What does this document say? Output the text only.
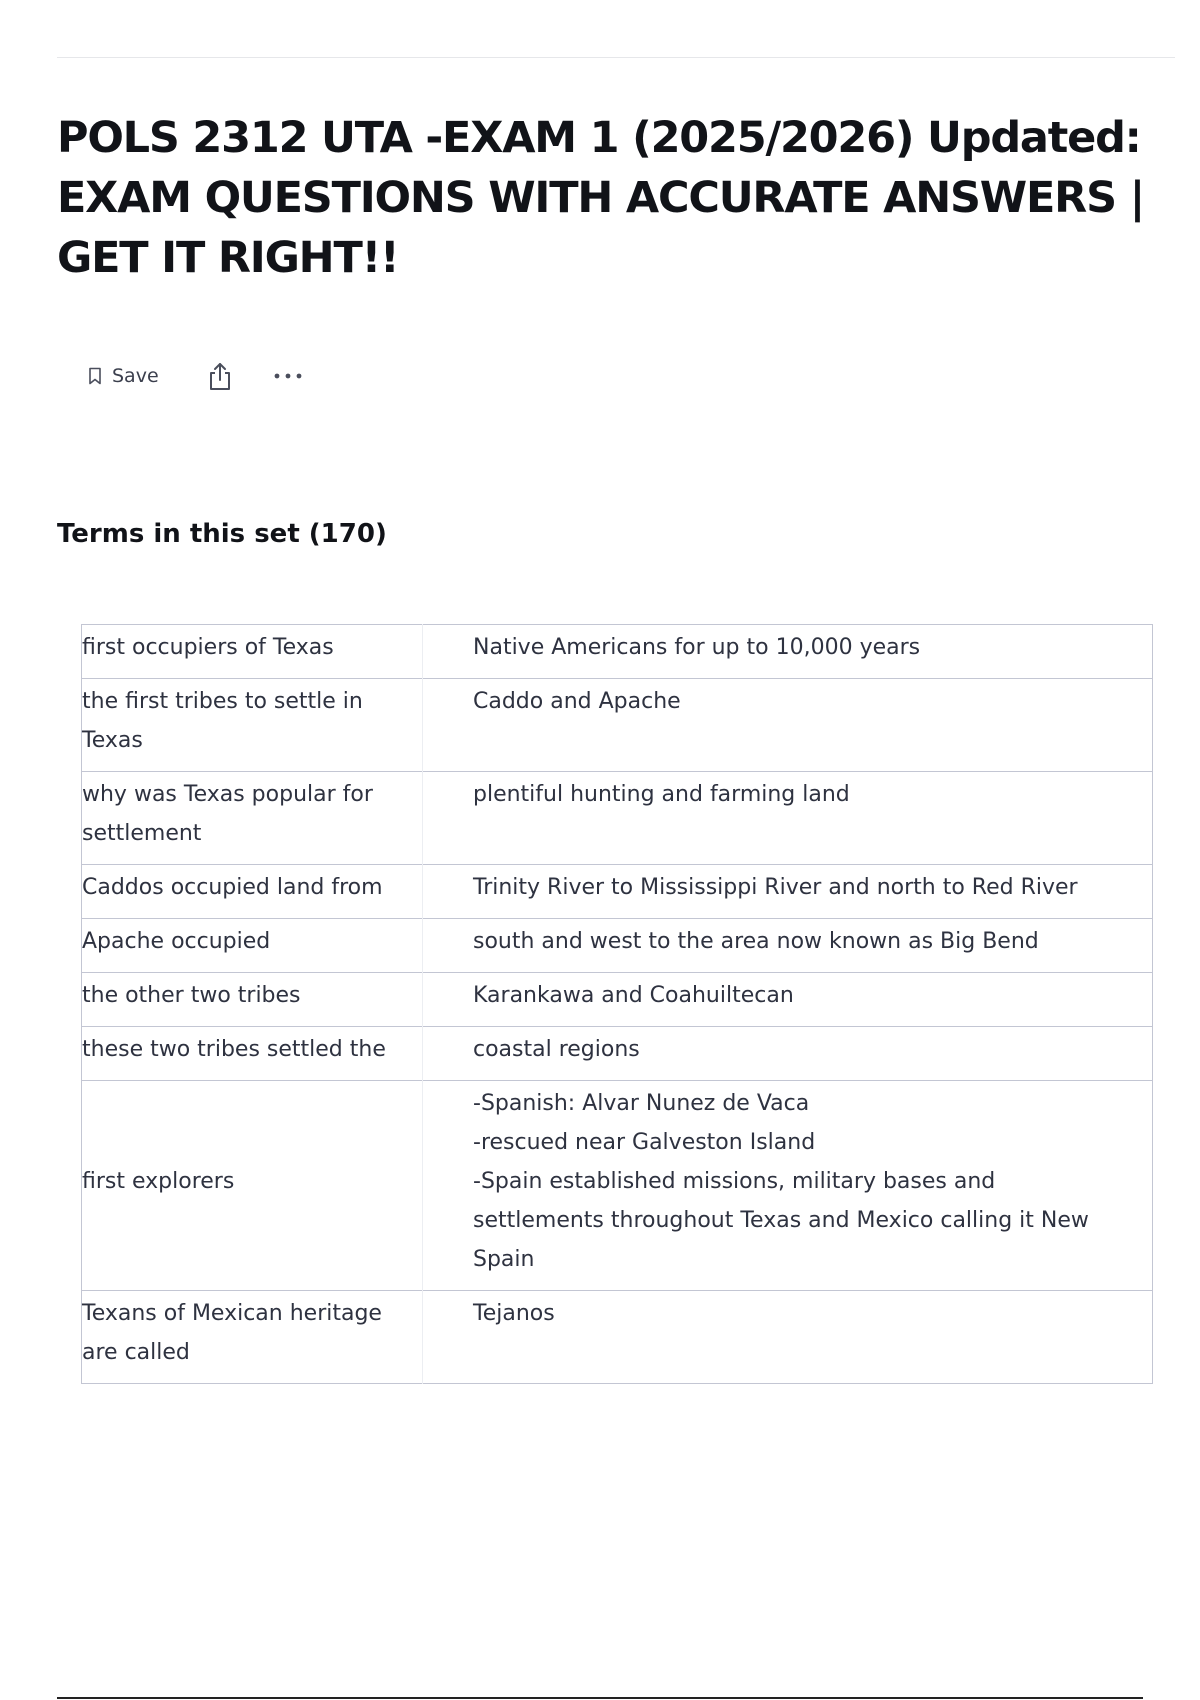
POLS 2312 UTA -EXAM 1 (2025/2026) Updated: EXAM QUESTIONS WITH ACCURATE ANSWERS | GET IT RIGHT!!
Save
Terms in this set (170)
first occupiers of Texas	Native Americans for up to 10,000 years

the first tribes to settle in Texas	Caddo and Apache

why was Texas popular for settlement	plentiful hunting and farming land

Caddos occupied land from	Trinity River to Mississippi River and north to Red River

Apache occupied	south and west to the area now known as Big Bend

the other two tribes	Karankawa and Coahuiltecan

these two tribes settled the	coastal regions

first explorers	-Spanish: Alvar Nunez de Vaca
-rescued near Galveston Island
-Spain established missions, military bases and settlements throughout Texas and Mexico calling it New Spain

Texans of Mexican heritage are called	Tejanos
